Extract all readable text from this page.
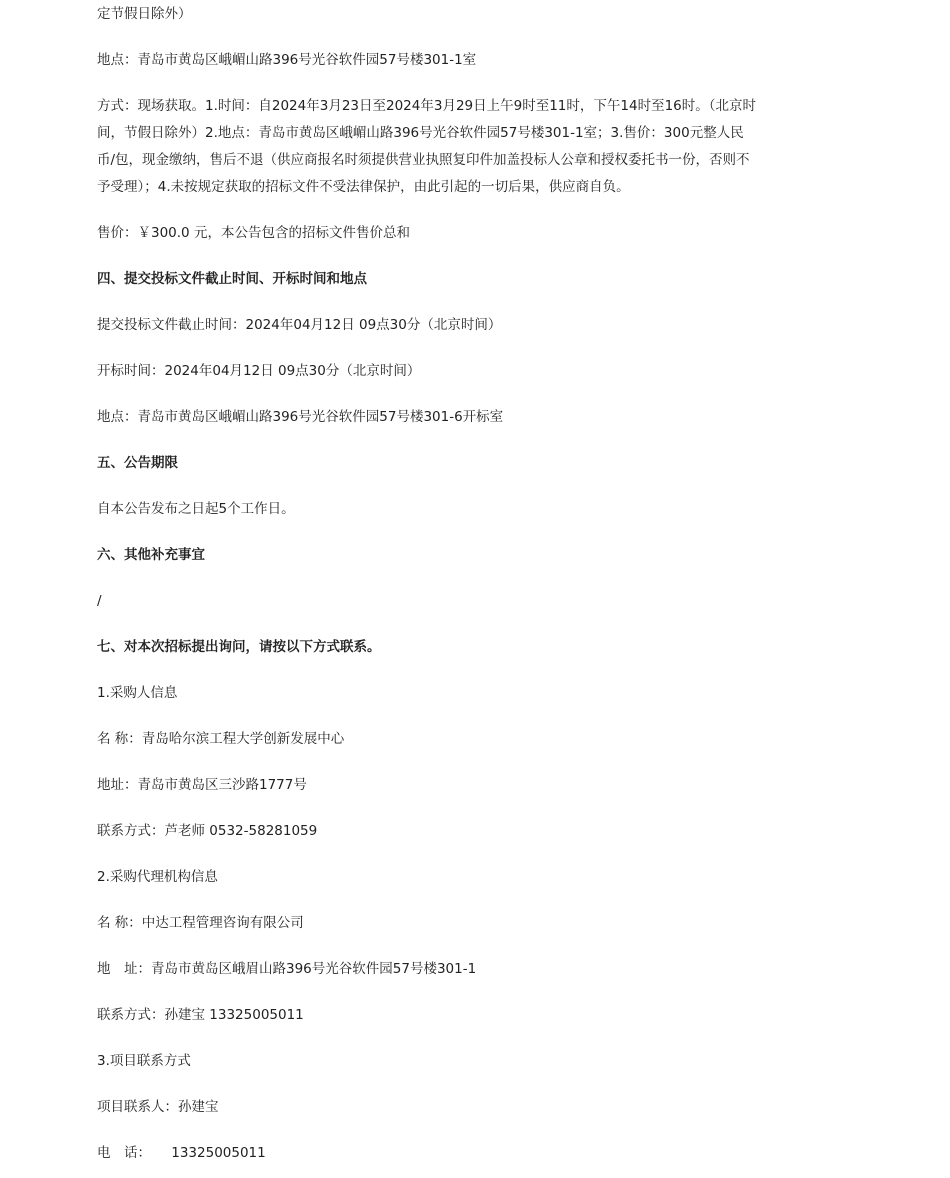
定节假日除外）

地点：青岛市黄岛区峨嵋山路396号光谷软件园57号楼301-1室

方式：现场获取。1.时间：自2024年3月23日至2024年3月29日上午9时至11时，下午14时至16时。（北京时间，节假日除外）2.地点：青岛市黄岛区峨嵋山路396号光谷软件园57号楼301-1室；3.售价：300元整人民币/包，现金缴纳，售后不退（供应商报名时须提供营业执照复印件加盖投标人公章和授权委托书一份，否则不予受理）；4.未按规定获取的招标文件不受法律保护，由此引起的一切后果，供应商自负。

售价：￥300.0 元，本公告包含的招标文件售价总和

四、提交投标文件截止时间、开标时间和地点

提交投标文件截止时间：2024年04月12日 09点30分（北京时间）

开标时间：2024年04月12日 09点30分（北京时间）

地点：青岛市黄岛区峨嵋山路396号光谷软件园57号楼301-6开标室

五、公告期限

自本公告发布之日起5个工作日。

六、其他补充事宜

/

七、对本次招标提出询问，请按以下方式联系。

1.采购人信息

名 称：青岛哈尔滨工程大学创新发展中心

地址：青岛市黄岛区三沙路1777号

联系方式：芦老师 0532-58281059

2.采购代理机构信息

名 称：中达工程管理咨询有限公司

地　址：青岛市黄岛区峨眉山路396号光谷软件园57号楼301-1

联系方式：孙建宝 13325005011

3.项目联系方式

项目联系人：孙建宝

电　话：　　13325005011
